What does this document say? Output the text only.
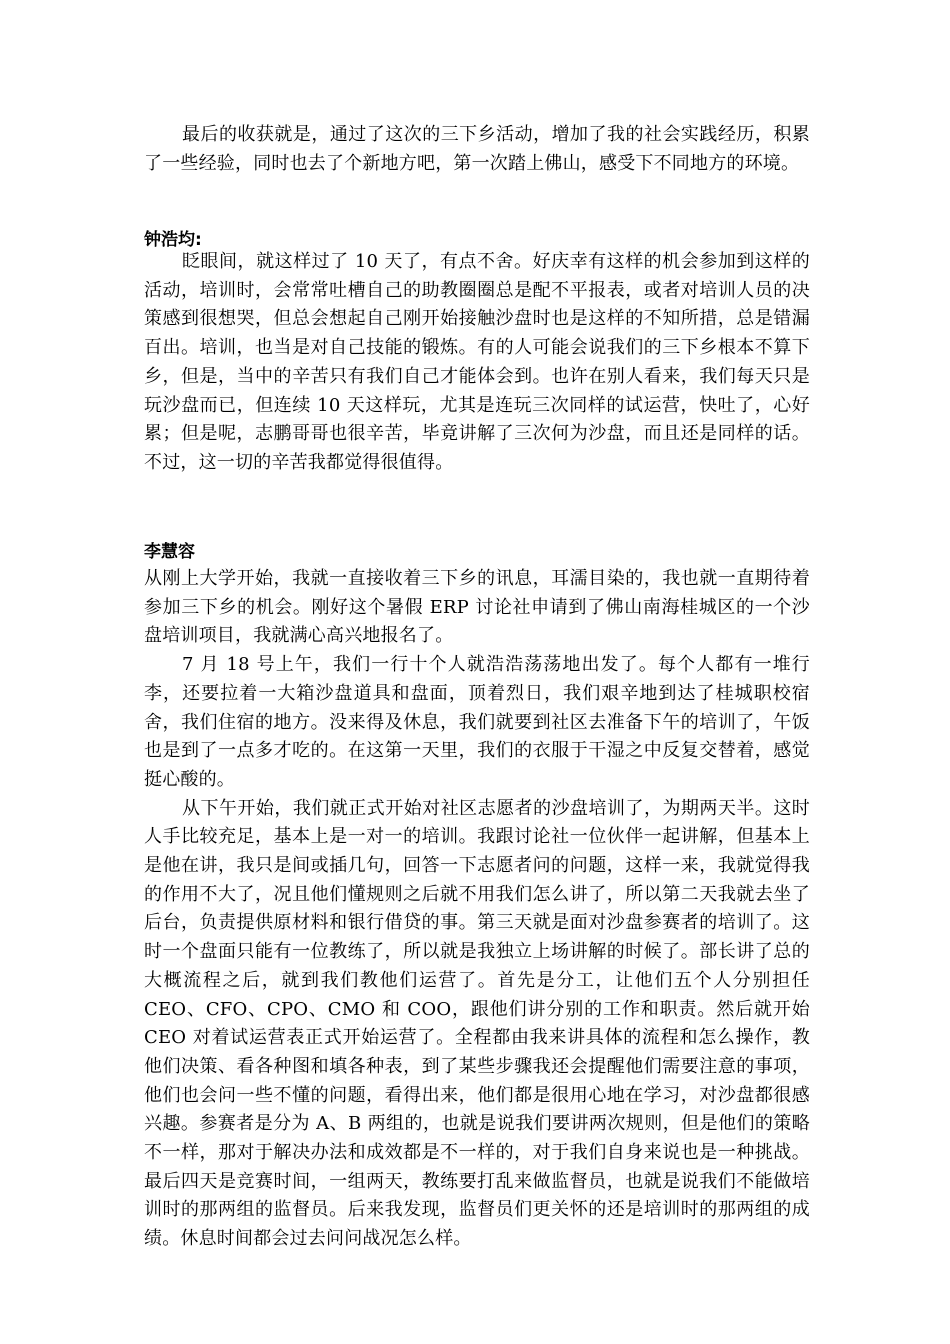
最后的收获就是，通过了这次的三下乡活动，增加了我的社会实践经历，积累了一些经验，同时也去了个新地方吧，第一次踏上佛山，感受下不同地方的环境。

钟浩均:

眨眼间，就这样过了 10 天了，有点不舍。好庆幸有这样的机会参加到这样的活动，培训时，会常常吐槽自己的助教圈圈总是配不平报表，或者对培训人员的决策感到很想哭，但总会想起自己刚开始接触沙盘时也是这样的不知所措，总是错漏百出。培训，也当是对自己技能的锻炼。有的人可能会说我们的三下乡根本不算下乡，但是，当中的辛苦只有我们自己才能体会到。也许在别人看来，我们每天只是玩沙盘而已，但连续 10 天这样玩，尤其是连玩三次同样的试运营，快吐了，心好累；但是呢，志鹏哥哥也很辛苦，毕竟讲解了三次何为沙盘，而且还是同样的话。不过，这一切的辛苦我都觉得很值得。

李慧容

从刚上大学开始，我就一直接收着三下乡的讯息，耳濡目染的，我也就一直期待着参加三下乡的机会。刚好这个暑假 ERP 讨论社申请到了佛山南海桂城区的一个沙盘培训项目，我就满心高兴地报名了。

7 月 18 号上午，我们一行十个人就浩浩荡荡地出发了。每个人都有一堆行李，还要拉着一大箱沙盘道具和盘面，顶着烈日，我们艰辛地到达了桂城职校宿舍，我们住宿的地方。没来得及休息，我们就要到社区去准备下午的培训了，午饭也是到了一点多才吃的。在这第一天里，我们的衣服于干湿之中反复交替着，感觉挺心酸的。

从下午开始，我们就正式开始对社区志愿者的沙盘培训了，为期两天半。这时人手比较充足，基本上是一对一的培训。我跟讨论社一位伙伴一起讲解，但基本上是他在讲，我只是间或插几句，回答一下志愿者问的问题，这样一来，我就觉得我的作用不大了，况且他们懂规则之后就不用我们怎么讲了，所以第二天我就去坐了后台，负责提供原材料和银行借贷的事。第三天就是面对沙盘参赛者的培训了。这时一个盘面只能有一位教练了，所以就是我独立上场讲解的时候了。部长讲了总的大概流程之后，就到我们教他们运营了。首先是分工，让他们五个人分别担任 CEO、CFO、CPO、CMO 和 COO，跟他们讲分别的工作和职责。然后就开始 CEO 对着试运营表正式开始运营了。全程都由我来讲具体的流程和怎么操作，教他们决策、看各种图和填各种表，到了某些步骤我还会提醒他们需要注意的事项，他们也会问一些不懂的问题，看得出来，他们都是很用心地在学习，对沙盘都很感兴趣。参赛者是分为 A、B 两组的，也就是说我们要讲两次规则，但是他们的策略不一样，那对于解决办法和成效都是不一样的，对于我们自身来说也是一种挑战。最后四天是竞赛时间，一组两天，教练要打乱来做监督员，也就是说我们不能做培训时的那两组的监督员。后来我发现，监督员们更关怀的还是培训时的那两组的成绩。休息时间都会过去问问战况怎么样。
